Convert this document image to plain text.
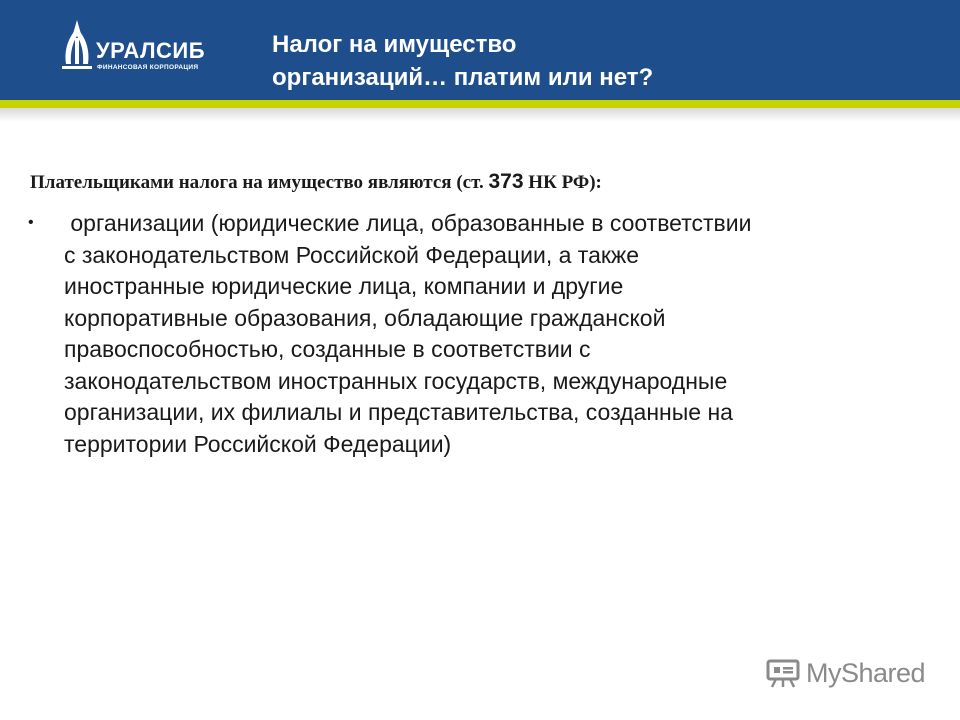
УРАЛСИБ
ФИНАНСОВАЯ КОРПОРАЦИЯ
Налог на имущество
организаций… платим или нет?
Плательщиками налога на имущество являются (ст. 373 НК РФ):
• организации (юридические лица, образованные в соответствии
с законодательством Российской Федерации, а также
иностранные юридические лица, компании и другие
корпоративные образования, обладающие гражданской
правоспособностью, созданные в соответствии с
законодательством иностранных государств, международные
организации, их филиалы и представительства, созданные на
территории Российской Федерации)
MyShared
